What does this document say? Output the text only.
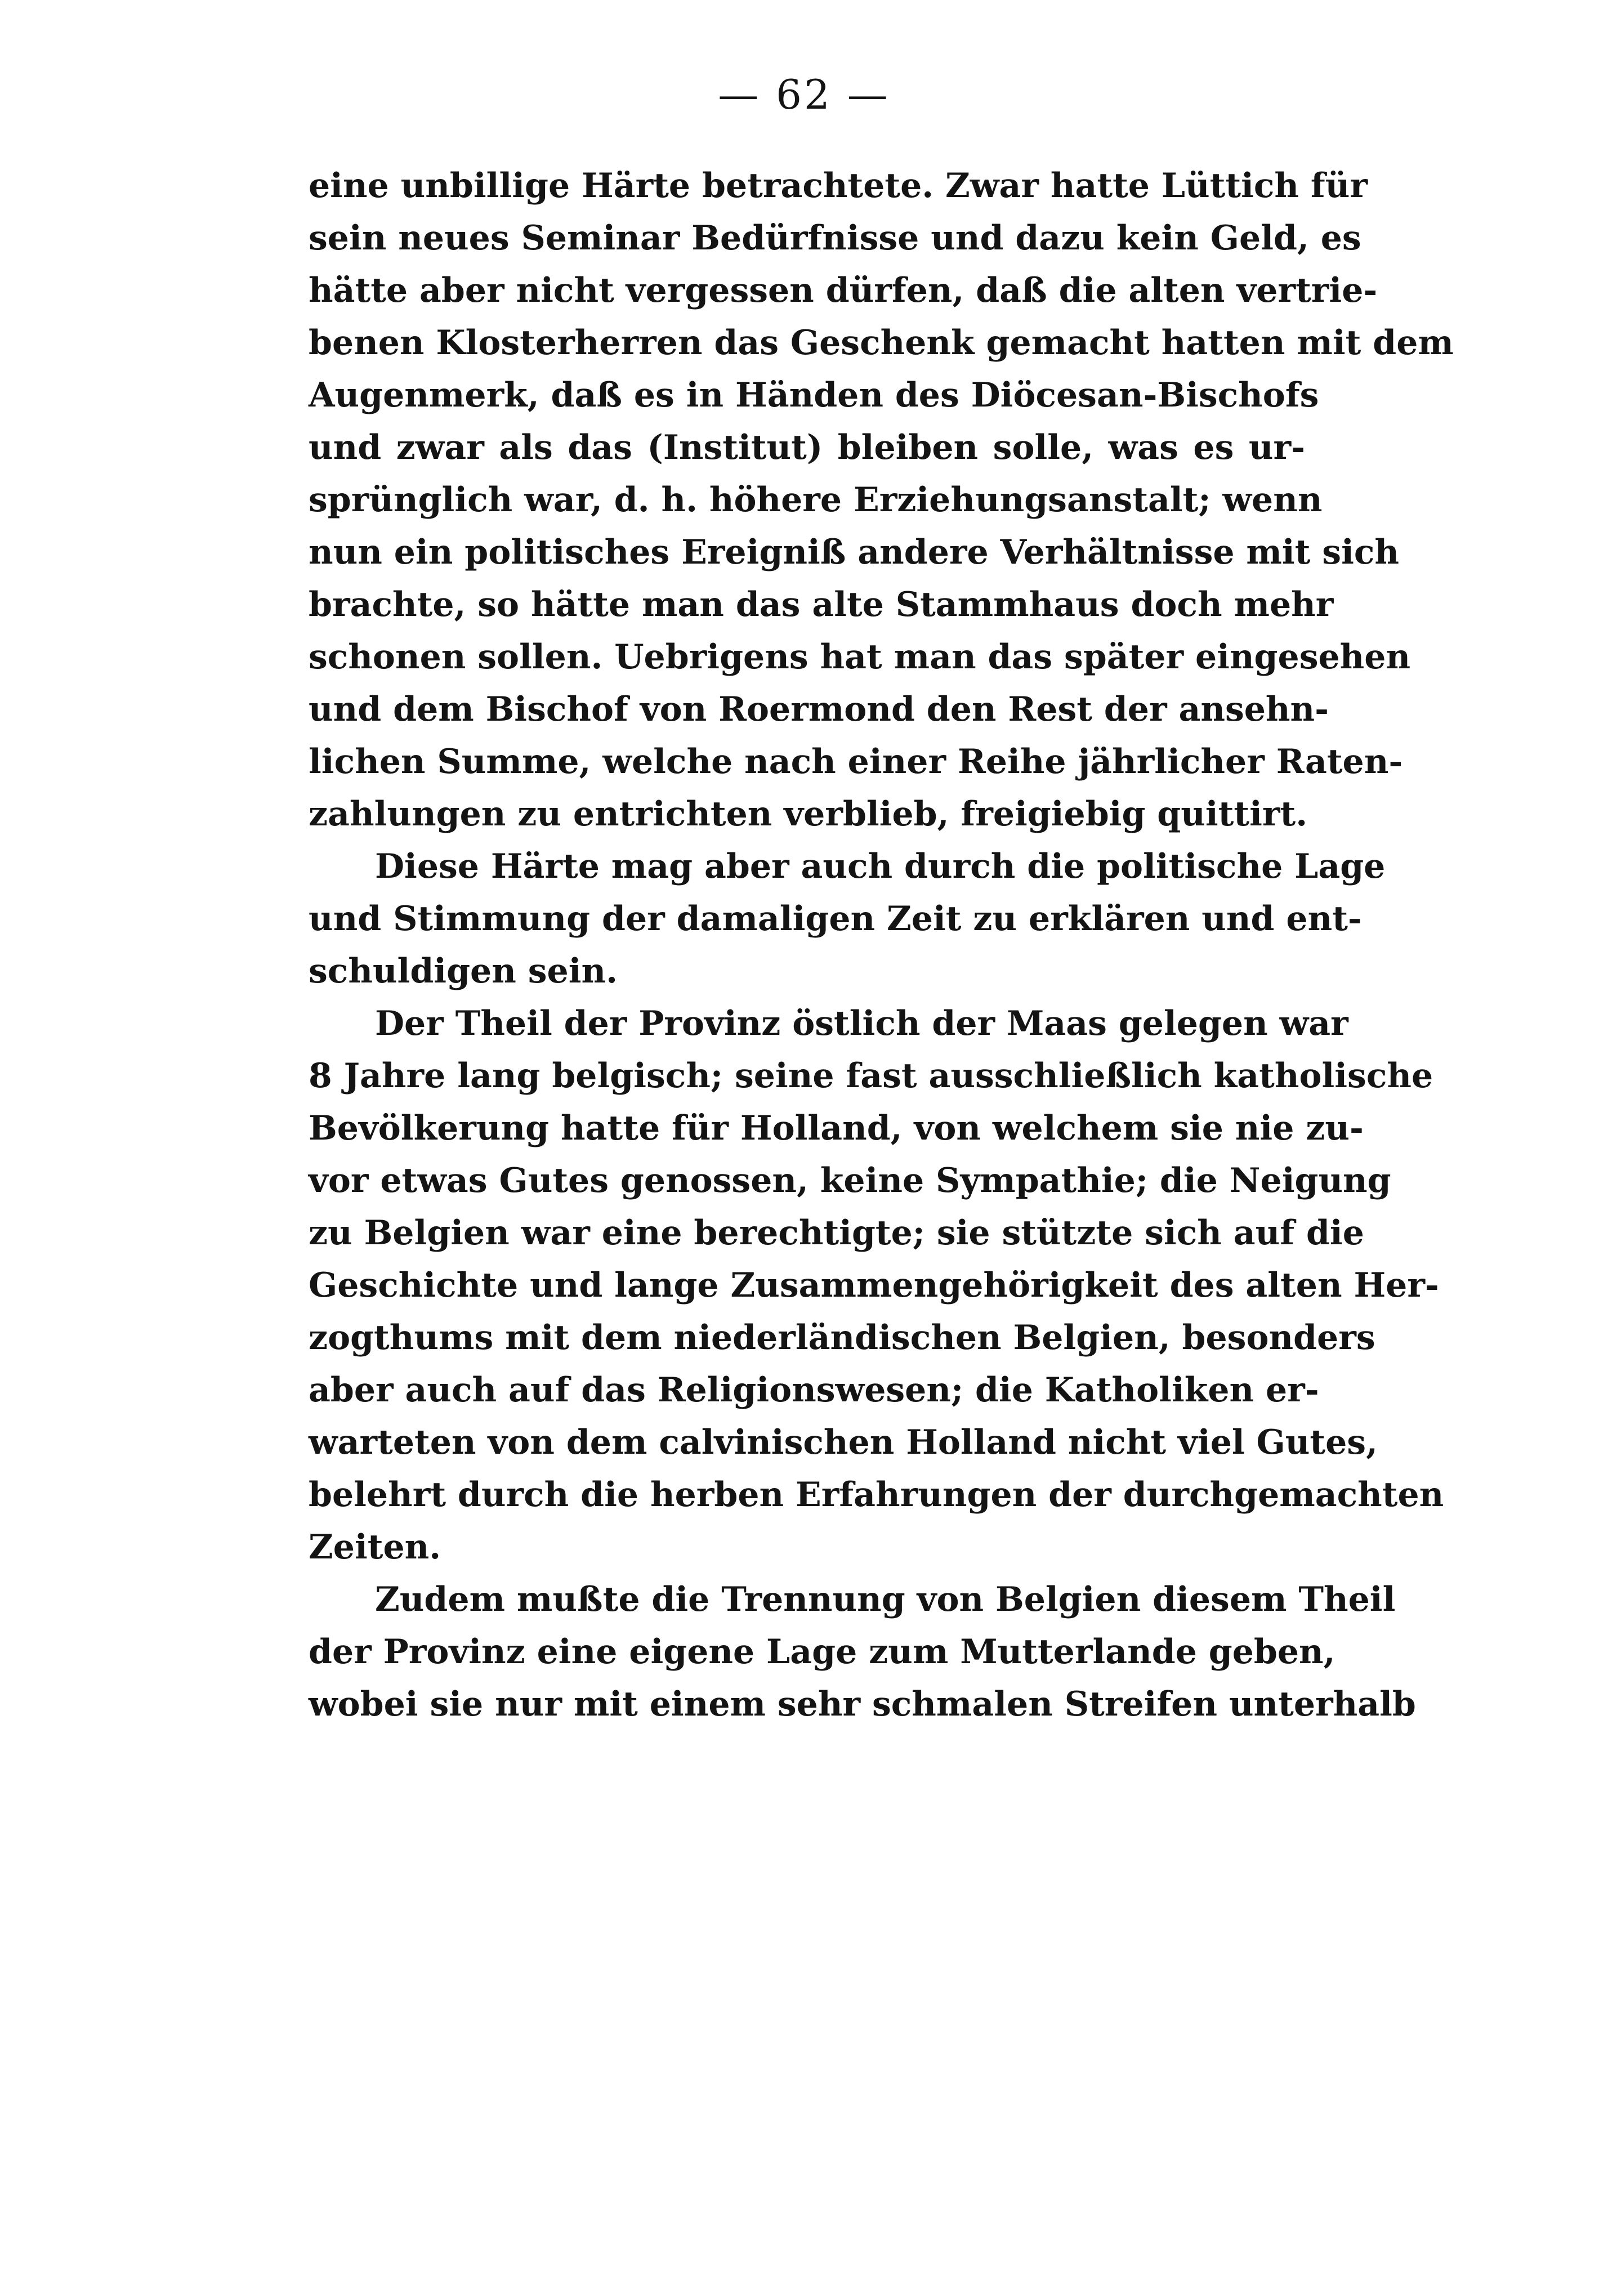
— 62 —
eine unbillige Härte betrachtete. Zwar hatte Lüttich für
sein neues Seminar Bedürfnisse und dazu kein Geld, es
hätte aber nicht vergessen dürfen, daß die alten vertrie-
benen Klosterherren das Geschenk gemacht hatten mit dem
Augenmerk, daß es in Händen des Diöcesan-Bischofs
und zwar als das (Institut) bleiben solle, was es ur-
sprünglich war, d. h. höhere Erziehungsanstalt; wenn
nun ein politisches Ereigniß andere Verhältnisse mit sich
brachte, so hätte man das alte Stammhaus doch mehr
schonen sollen. Uebrigens hat man das später eingesehen
und dem Bischof von Roermond den Rest der ansehn-
lichen Summe, welche nach einer Reihe jährlicher Raten-
zahlungen zu entrichten verblieb, freigiebig quittirt.
Diese Härte mag aber auch durch die politische Lage
und Stimmung der damaligen Zeit zu erklären und ent-
schuldigen sein.
Der Theil der Provinz östlich der Maas gelegen war
8 Jahre lang belgisch; seine fast ausschließlich katholische
Bevölkerung hatte für Holland, von welchem sie nie zu-
vor etwas Gutes genossen, keine Sympathie; die Neigung
zu Belgien war eine berechtigte; sie stützte sich auf die
Geschichte und lange Zusammengehörigkeit des alten Her-
zogthums mit dem niederländischen Belgien, besonders
aber auch auf das Religionswesen; die Katholiken er-
warteten von dem calvinischen Holland nicht viel Gutes,
belehrt durch die herben Erfahrungen der durchgemachten
Zeiten.
Zudem mußte die Trennung von Belgien diesem Theil
der Provinz eine eigene Lage zum Mutterlande geben,
wobei sie nur mit einem sehr schmalen Streifen unterhalb
